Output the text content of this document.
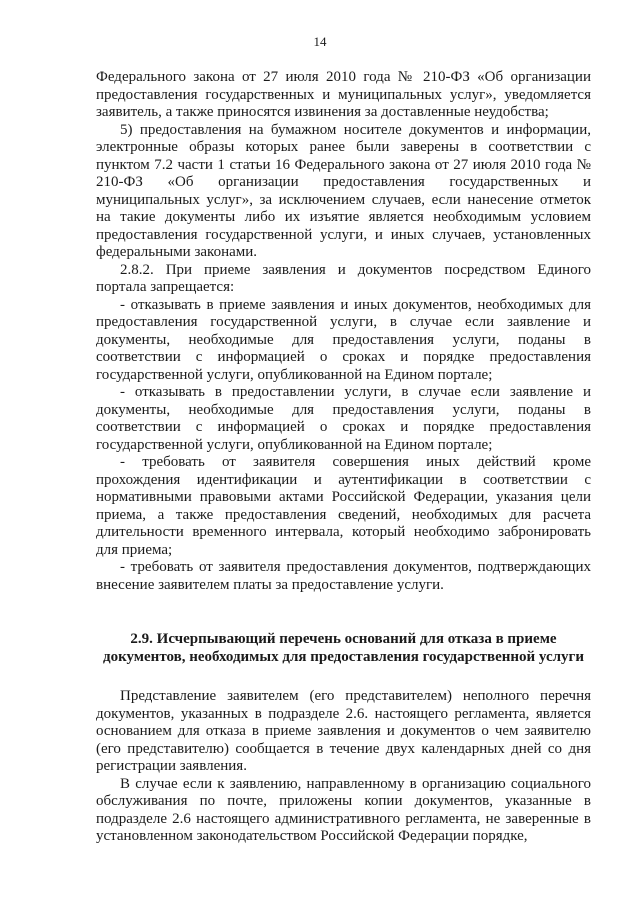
14

Федерального закона от 27 июля 2010 года № 210-ФЗ «Об организации
предоставления государственных и муниципальных услуг», уведомляется
заявитель, а также приносятся извинения за доставленные неудобства;

5) предоставления на бумажном носителе документов и информации,
электронные образы которых ранее были заверены в соответствии с
пунктом 7.2 части 1 статьи 16 Федерального закона от 27 июля 2010 года №
210-ФЗ «Об организации предоставления государственных и
муниципальных услуг», за исключением случаев, если нанесение отметок
на такие документы либо их изъятие является необходимым условием
предоставления государственной услуги, и иных случаев, установленных
федеральными законами.

2.8.2. При приеме заявления и документов посредством Единого
портала запрещается:

- отказывать в приеме заявления и иных документов, необходимых для
предоставления государственной услуги, в случае если заявление и
документы, необходимые для предоставления услуги, поданы в
соответствии с информацией о сроках и порядке предоставления
государственной услуги, опубликованной на Едином портале;

- отказывать в предоставлении услуги, в случае если заявление и
документы, необходимые для предоставления услуги, поданы в
соответствии с информацией о сроках и порядке предоставления
государственной услуги, опубликованной на Едином портале;

- требовать от заявителя совершения иных действий кроме
прохождения идентификации и аутентификации в соответствии с
нормативными правовыми актами Российской Федерации, указания цели
приема, а также предоставления сведений, необходимых для расчета
длительности временного интервала, который необходимо забронировать
для приема;

- требовать от заявителя предоставления документов, подтверждающих
внесение заявителем платы за предоставление услуги.

2.9. Исчерпывающий перечень оснований для отказа в приеме
документов, необходимых для предоставления государственной услуги

Представление заявителем (его представителем) неполного перечня
документов, указанных в подразделе 2.6. настоящего регламента, является
основанием для отказа в приеме заявления и документов о чем заявителю
(его представителю) сообщается в течение двух календарных дней со дня
регистрации заявления.

В случае если к заявлению, направленному в организацию социального
обслуживания по почте, приложены копии документов, указанные в
подразделе 2.6 настоящего административного регламента, не заверенные в
установленном законодательством Российской Федерации порядке,
